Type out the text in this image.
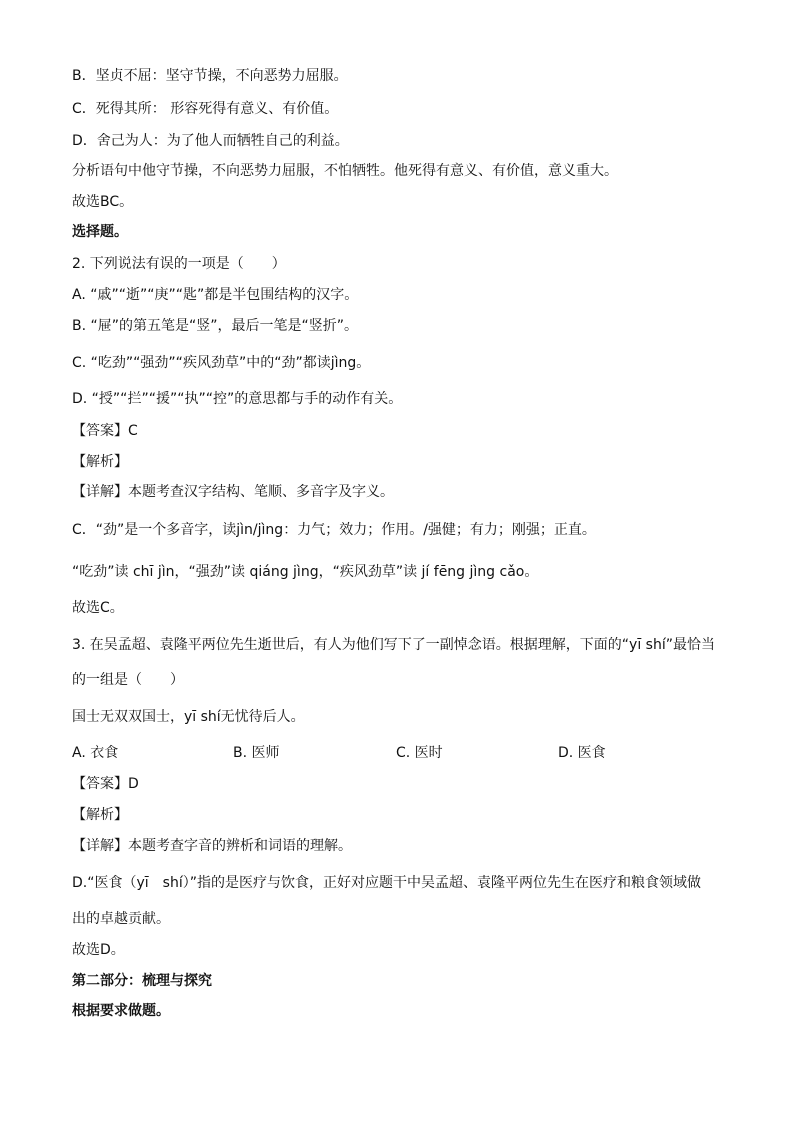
B．坚贞不屈：坚守节操，不向恶势力屈服。
C．死得其所： 形容死得有意义、有价值。
D．舍己为人：为了他人而牺牲自己的利益。
分析语句中他守节操，不向恶势力屈服，不怕牺牲。他死得有意义、有价值，意义重大。
故选BC。
选择题。
2. 下列说法有误的一项是（　　）
A. “戚”“逝”“庚”“匙”都是半包围结构的汉字。
B. “屉”的第五笔是“竖”，最后一笔是“竖折”。
C. “吃劲”“强劲”“疾风劲草”中的“劲”都读jìng。
D. “授”“拦”“援”“执”“控”的意思都与手的动作有关。
【答案】C
【解析】
【详解】本题考查汉字结构、笔顺、多音字及字义。
C．“劲”是一个多音字，读jìn/jìng：力气；效力；作用。/强健；有力；刚强；正直。
“吃劲”读 chī jìn，“强劲”读 qiáng jìng，“疾风劲草”读 jí fēng jìng cǎo。
故选C。
3. 在吴孟超、袁隆平两位先生逝世后，有人为他们写下了一副悼念语。根据理解，下面的“yī shí”最恰当
的一组是（　　）
国士无双双国士，yī shí无忧待后人。
A. 衣食	B. 医师	C. 医时	D. 医食
【答案】D
【解析】
【详解】本题考查字音的辨析和词语的理解。
D.“医食（yī　shí）”指的是医疗与饮食，正好对应题干中吴孟超、袁隆平两位先生在医疗和粮食领域做
出的卓越贡献。
故选D。
第二部分：梳理与探究
根据要求做题。
